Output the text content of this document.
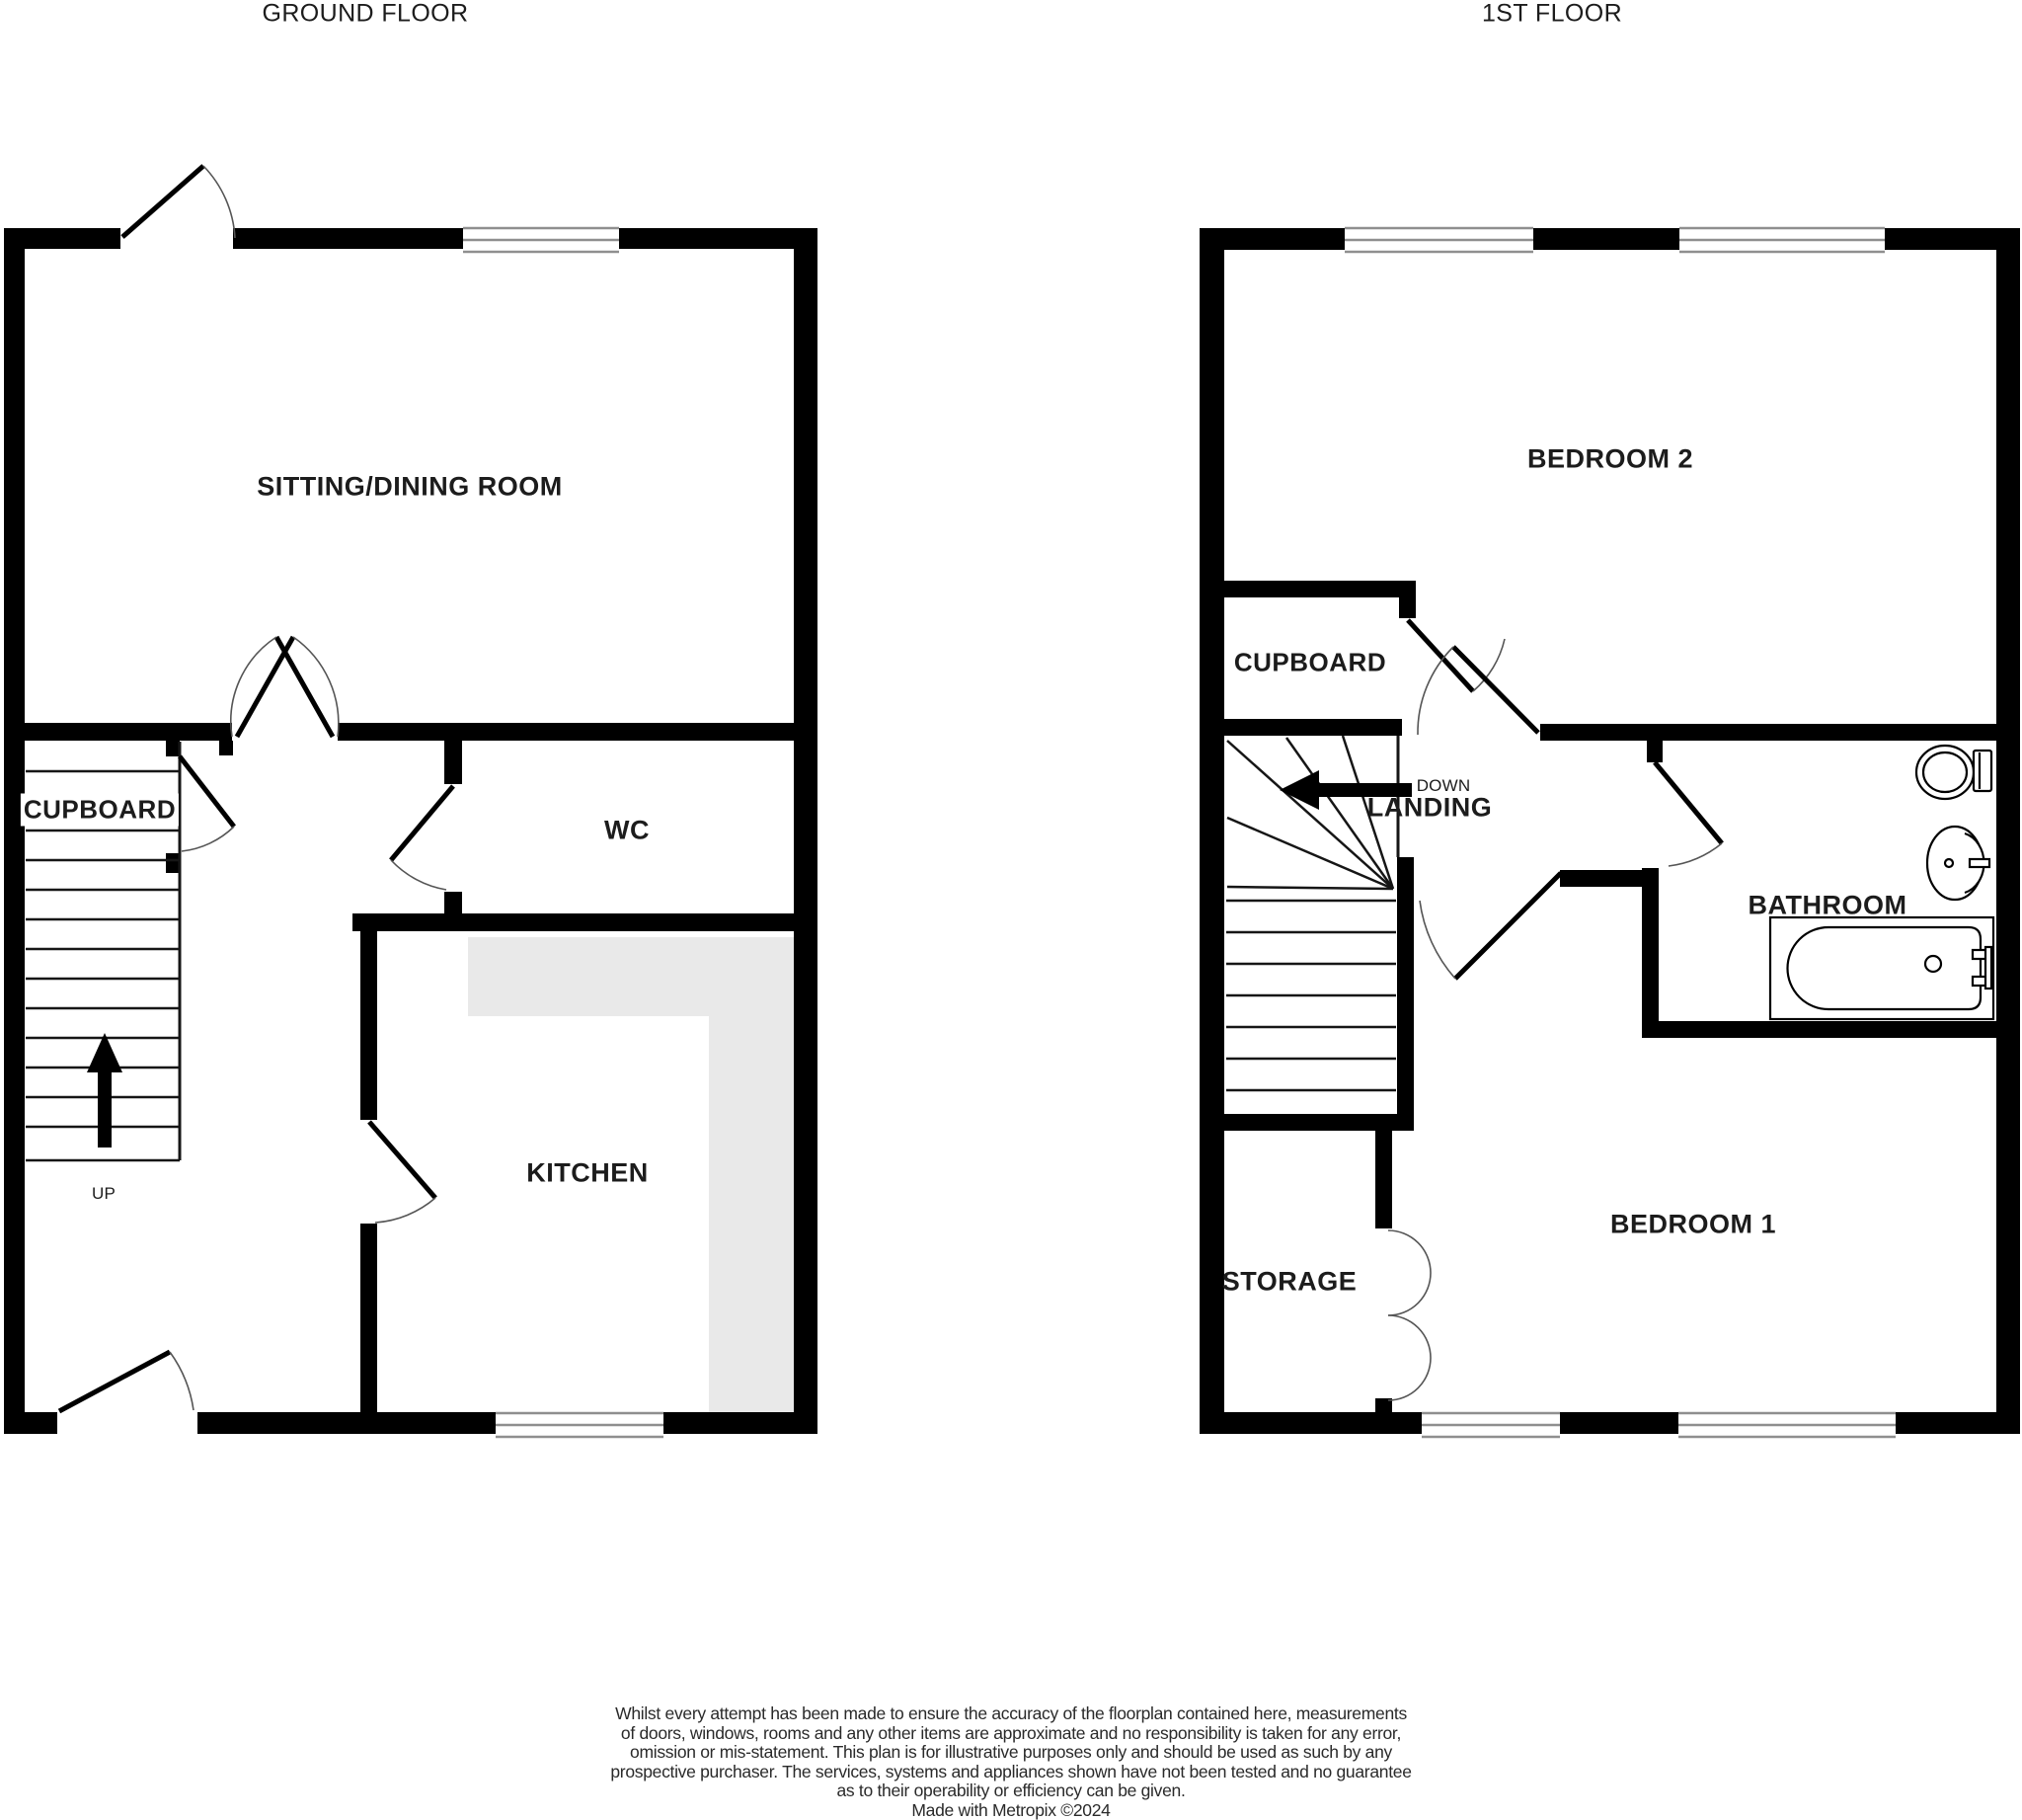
GROUND FLOOR	1ST FLOOR
SITTING/DINING ROOM
CUPBOARD
WC
KITCHEN
UP
BEDROOM 2
CUPBOARD
DOWN
LANDING
BATHROOM
BEDROOM 1
STORAGE
Whilst every attempt has been made to ensure the accuracy of the floorplan contained here, measurements
of doors, windows, rooms and any other items are approximate and no responsibility is taken for any error,
omission or mis-statement. This plan is for illustrative purposes only and should be used as such by any
prospective purchaser. The services, systems and appliances shown have not been tested and no guarantee
as to their operability or efficiency can be given.
Made with Metropix ©2024
